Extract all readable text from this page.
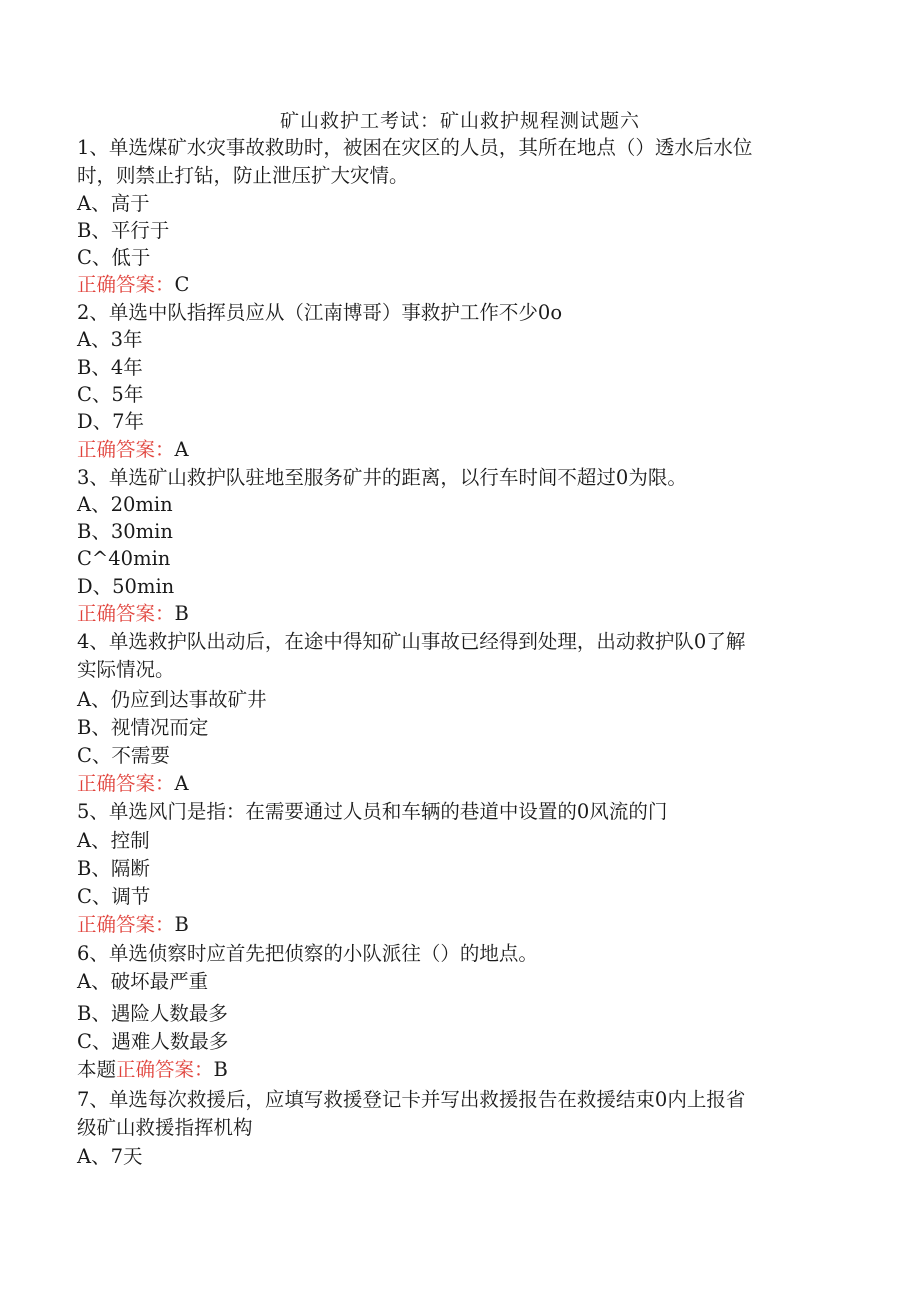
矿山救护工考试：矿山救护规程测试题六
1、单选煤矿水灾事故救助时，被困在灾区的人员，其所在地点（）透水后水位
时，则禁止打钻，防止泄压扩大灾情。
A、高于
B、平行于
C、低于
正确答案：C
2、单选中队指挥员应从（江南博哥）事救护工作不少0o
A、3年
B、4年
C、5年
D、7年
正确答案：A
3、单选矿山救护队驻地至服务矿井的距离，以行车时间不超过0为限。
A、20min
B、30min
C^40min
D、50min
正确答案：B
4、单选救护队出动后，在途中得知矿山事故已经得到处理，出动救护队0了解
实际情况。
A、仍应到达事故矿井
B、视情况而定
C、不需要
正确答案：A
5、单选风门是指：在需要通过人员和车辆的巷道中设置的0风流的门
A、控制
B、隔断
C、调节
正确答案：B
6、单选侦察时应首先把侦察的小队派往（）的地点。
A、破坏最严重
B、遇险人数最多
C、遇难人数最多
本题正确答案：B
7、单选每次救援后，应填写救援登记卡并写出救援报告在救援结束0内上报省
级矿山救援指挥机构
A、7天
